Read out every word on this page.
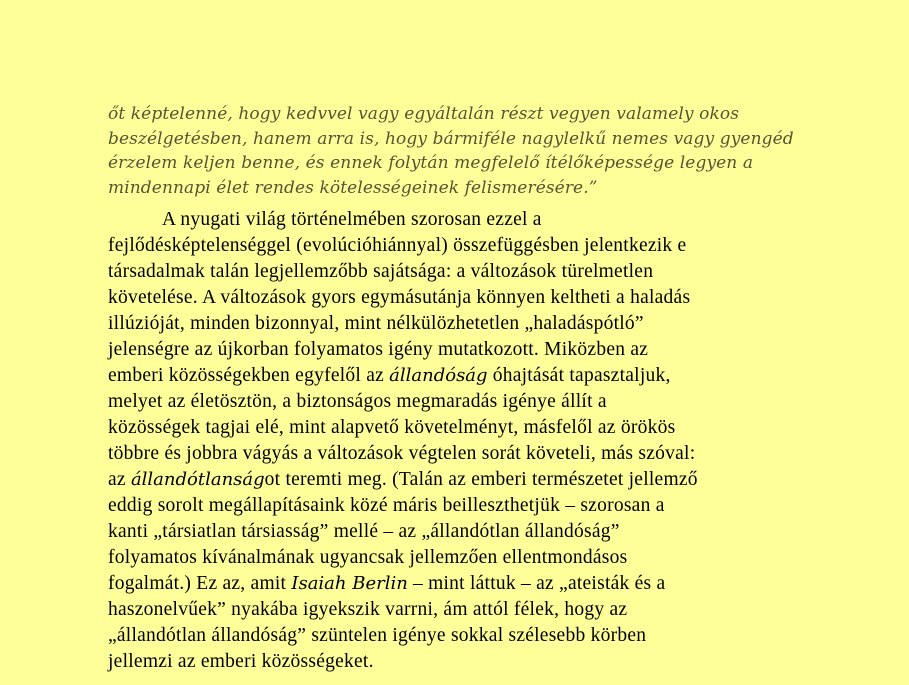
őt képtelenné, hogy kedvvel vagy egyáltalán részt vegyen valamely okos
beszélgetésben, hanem arra is, hogy bármiféle nagylelkű nemes vagy gyengéd
érzelem keljen benne, és ennek folytán megfelelő ítélőképessége legyen a
mindennapi élet rendes kötelességeinek felismerésére.”
A nyugati világ történelmében szorosan ezzel a
fejlődésképtelenséggel (evolúcióhiánnyal) összefüggésben jelentkezik e
társadalmak talán legjellemzőbb sajátsága: a változások türelmetlen
követelése. A változások gyors egymásutánja könnyen keltheti a haladás
illúzióját, minden bizonnyal, mint nélkülözhetetlen „haladáspótló”
jelenségre az újkorban folyamatos igény mutatkozott. Miközben az
emberi közösségekben egyfelől az állandóság óhajtását tapasztaljuk,
melyet az életösztön, a biztonságos megmaradás igénye állít a
közösségek tagjai elé, mint alapvető követelményt, másfelől az örökös
többre és jobbra vágyás a változások végtelen sorát követeli, más szóval:
az állandótlanságot teremti meg. (Talán az emberi természetet jellemző
eddig sorolt megállapításaink közé máris beilleszthetjük – szorosan a
kanti „társiatlan társiasság” mellé – az „állandótlan állandóság”
folyamatos kívánalmának ugyancsak jellemzően ellentmondásos
fogalmát.) Ez az, amit Isaiah Berlin – mint láttuk – az „ateisták és a
haszonelvűek” nyakába igyekszik varrni, ám attól félek, hogy az
„állandótlan állandóság” szüntelen igénye sokkal szélesebb körben
jellemzi az emberi közösségeket.
